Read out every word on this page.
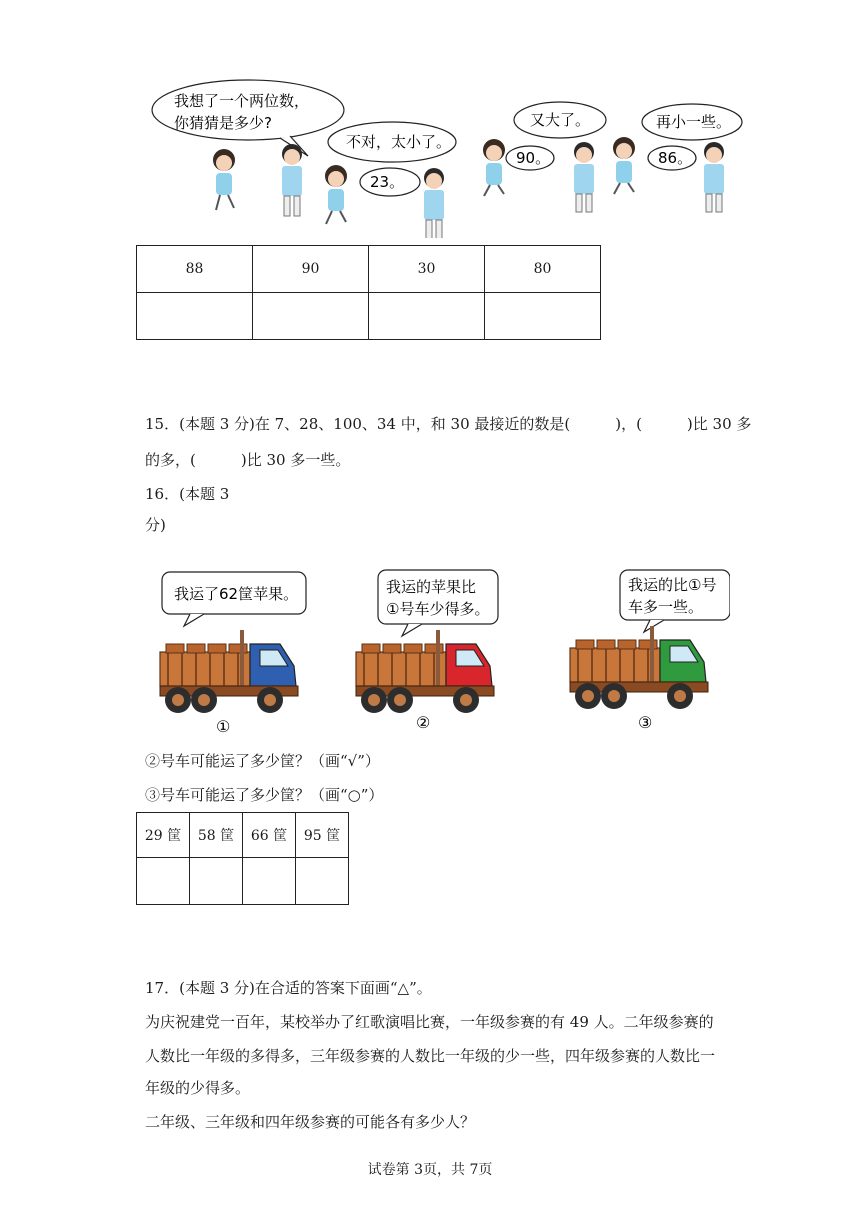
我想了一个两位数，
你猜猜是多少?
不对，太小了。
23。
又大了。
90。
再小一些。
86。
88	90	30	80

15．(本题 3 分)在 7、28、100、34 中，和 30 最接近的数是(　　　)，(　　　)比 30 多
的多，(　　　)比 30 多一些。
16．(本题 3
分)
我运了62筐苹果。	我运的苹果比
①号车少得多。
我运的比①号
车多一些。
①	②	③
②号车可能运了多少筐？（画“√”）
③号车可能运了多少筐？（画“○”）
29 筐	58 筐	66 筐	95 筐

17．(本题 3 分)在合适的答案下面画“△”。
为庆祝建党一百年，某校举办了红歌演唱比赛，一年级参赛的有 49 人。二年级参赛的
人数比一年级的多得多，三年级参赛的人数比一年级的少一些，四年级参赛的人数比一
年级的少得多。
二年级、三年级和四年级参赛的可能各有多少人？
试卷第 3页，共 7页
